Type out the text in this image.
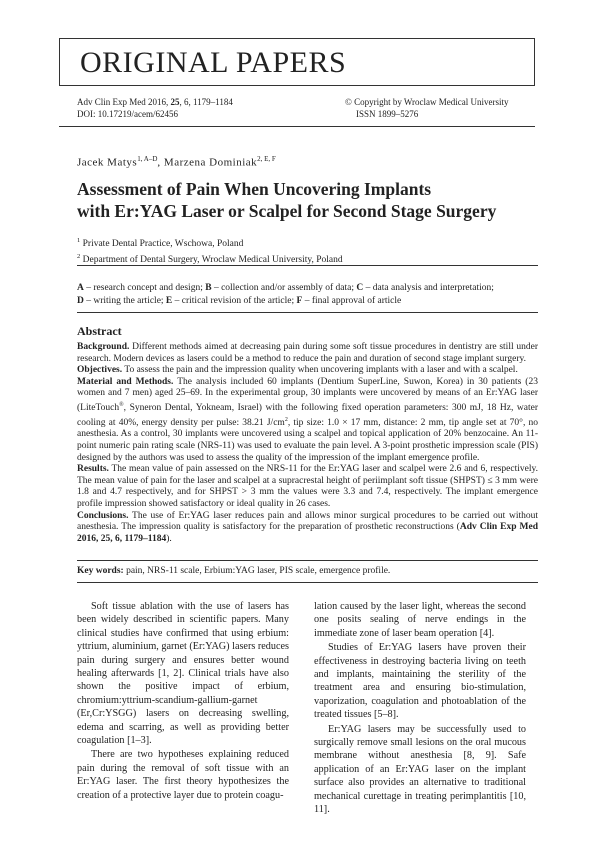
ORIGINAL PAPERS
Adv Clin Exp Med 2016, 25, 6, 1179–1184
DOI: 10.17219/acem/62456
© Copyright by Wroclaw Medical University
ISSN 1899–5276
Jacek Matys$^{1, A-D}$, Marzena Dominiak$^{2, E, F}$
Assessment of Pain When Uncovering Implants
with Er:YAG Laser or Scalpel for Second Stage Surgery
$^1$ Private Dental Practice, Wschowa, Poland
$^2$ Department of Dental Surgery, Wroclaw Medical University, Poland
A – research concept and design; B – collection and/or assembly of data; C – data analysis and interpretation;
D – writing the article; E – critical revision of the article; F – final approval of article
Abstract

Background. Different methods aimed at decreasing pain during some soft tissue procedures in dentistry are still under research. Modern devices as lasers could be a method to reduce the pain and duration of second stage implant surgery.

Objectives. To assess the pain and the impression quality when uncovering implants with a laser and with a scalpel.

Material and Methods. The analysis included 60 implants (Dentium SuperLine, Suwon, Korea) in 30 patients (23 women and 7 men) aged 25–69. In the experimental group, 30 implants were uncovered by means of an Er:YAG laser (LiteTouch®, Syneron Dental, Yokneam, Israel) with the following fixed operation parameters: 300 mJ, 18 Hz, water cooling at 40%, energy density per pulse: 38.21 $J/cm^2$, tip size: 1.0 × 17 mm, distance: 2 mm, tip angle set at 70°, no anesthesia. As a control, 30 implants were uncovered using a scalpel and topical application of 20% benzocaine. An 11-point numeric pain rating scale (NRS-11) was used to evaluate the pain level. A 3-point prosthetic impression scale (PIS) designed by the authors was used to assess the quality of the impression of the implant emergence profile.

Results. The mean value of pain assessed on the NRS-11 for the Er:YAG laser and scalpel were 2.6 and 6, respectively. The mean value of pain for the laser and scalpel at a supracrestal height of periimplant soft tissue (SHPST) ≤ 3 mm were 1.8 and 4.7 respectively, and for SHPST > 3 mm the values were 3.3 and 7.4, respectively. The implant emergence profile impression showed satisfactory or ideal quality in 26 cases.

Conclusions. The use of Er:YAG laser reduces pain and allows minor surgical procedures to be carried out without anesthesia. The impression quality is satisfactory for the preparation of prosthetic reconstructions (Adv Clin Exp Med 2016, 25, 6, 1179–1184).

Key words: pain, NRS-11 scale, Erbium:YAG laser, PIS scale, emergence profile.

Soft tissue ablation with the use of lasers has been widely described in scientific papers. Many clinical studies have confirmed that using erbium: yttrium, aluminium, garnet (Er:YAG) lasers reduces pain during surgery and ensures better wound healing afterwards [1, 2]. Clinical trials have also shown the positive impact of erbium, chromium:yttrium-scandium-gallium-garnet (Er,Cr:YSGG) lasers on decreasing swelling, edema and scarring, as well as providing better coagulation [1–3].

There are two hypotheses explaining reduced pain during the removal of soft tissue with an Er:YAG laser. The first theory hypothesizes the creation of a protective layer due to protein coagu-

lation caused by the laser light, whereas the second one posits sealing of nerve endings in the immediate zone of laser beam operation [4].

Studies of Er:YAG lasers have proven their effectiveness in destroying bacteria living on teeth and implants, maintaining the sterility of the treatment area and ensuring bio-stimulation, vaporization, coagulation and photoablation of the treated tissues [5–8].

Er:YAG lasers may be successfully used to surgically remove small lesions on the oral mucous membrane without anesthesia [8, 9]. Safe application of an Er:YAG laser on the implant surface also provides an alternative to traditional mechanical curettage in treating perimplantitis [10, 11].
